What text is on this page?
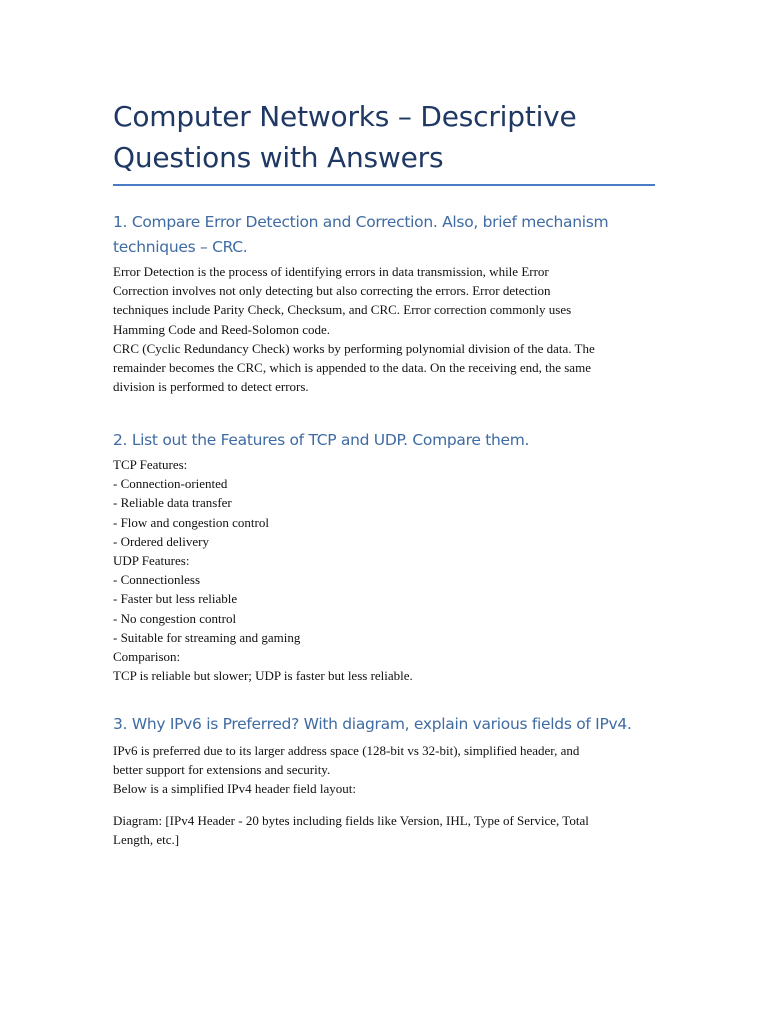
Computer Networks – Descriptive
Questions with Answers
1. Compare Error Detection and Correction. Also, brief mechanism
techniques – CRC.

Error Detection is the process of identifying errors in data transmission, while Error

Correction involves not only detecting but also correcting the errors. Error detection

techniques include Parity Check, Checksum, and CRC. Error correction commonly uses

Hamming Code and Reed-Solomon code.

CRC (Cyclic Redundancy Check) works by performing polynomial division of the data. The

remainder becomes the CRC, which is appended to the data. On the receiving end, the same

division is performed to detect errors.

2. List out the Features of TCP and UDP. Compare them.

TCP Features:

- Connection-oriented

- Reliable data transfer

- Flow and congestion control

- Ordered delivery

UDP Features:

- Connectionless

- Faster but less reliable

- No congestion control

- Suitable for streaming and gaming

Comparison:

TCP is reliable but slower; UDP is faster but less reliable.

3. Why IPv6 is Preferred? With diagram, explain various fields of IPv4.

IPv6 is preferred due to its larger address space (128-bit vs 32-bit), simplified header, and

better support for extensions and security.

Below is a simplified IPv4 header field layout:

Diagram: [IPv4 Header - 20 bytes including fields like Version, IHL, Type of Service, Total

Length, etc.]
